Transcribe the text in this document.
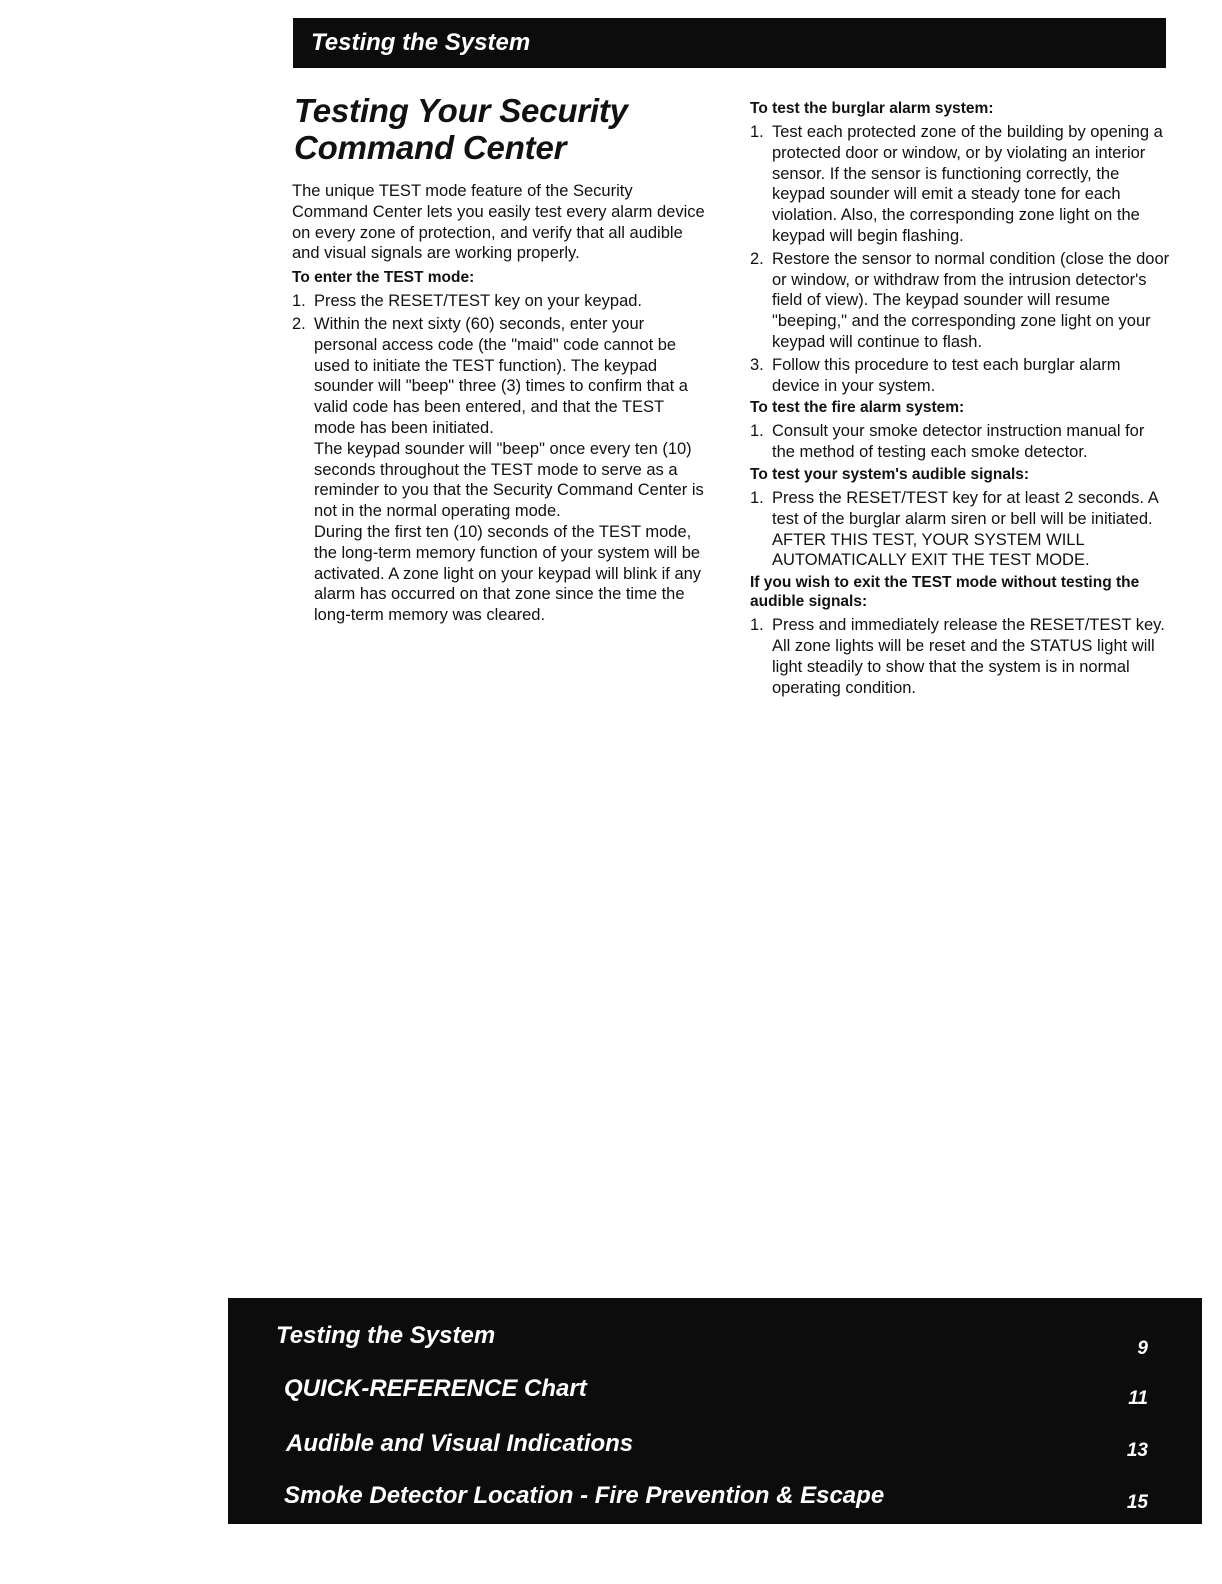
Testing the System
Testing Your Security
Command Center

The unique TEST mode feature of the Security Command Center lets you easily test every alarm device on every zone of protection, and verify that all audible and visual signals are working properly.

To enter the TEST mode:
1. Press the RESET/TEST key on your keypad.
2. Within the next sixty (60) seconds, enter your personal access code (the "maid" code cannot be used to initiate the TEST function). The keypad sounder will "beep" three (3) times to confirm that a valid code has been entered, and that the TEST mode has been initiated.
The keypad sounder will "beep" once every ten (10) seconds throughout the TEST mode to serve as a reminder to you that the Security Command Center is not in the normal operating mode.
During the first ten (10) seconds of the TEST mode, the long-term memory function of your system will be activated. A zone light on your keypad will blink if any alarm has occurred on that zone since the time the long-term memory was cleared.
To test the burglar alarm system:
1. Test each protected zone of the building by opening a protected door or window, or by violating an interior sensor. If the sensor is functioning correctly, the keypad sounder will emit a steady tone for each violation. Also, the corresponding zone light on the keypad will begin flashing.
2. Restore the sensor to normal condition (close the door or window, or withdraw from the intrusion detector's field of view). The keypad sounder will resume "beeping," and the corresponding zone light on your keypad will continue to flash.
3. Follow this procedure to test each burglar alarm device in your system.
To test the fire alarm system:
1. Consult your smoke detector instruction manual for the method of testing each smoke detector.
To test your system's audible signals:
1. Press the RESET/TEST key for at least 2 seconds. A test of the burglar alarm siren or bell will be initiated.
AFTER THIS TEST, YOUR SYSTEM WILL AUTOMATICALLY EXIT THE TEST MODE.
If you wish to exit the TEST mode without testing the audible signals:
1. Press and immediately release the RESET/TEST key. All zone lights will be reset and the STATUS light will light steadily to show that the system is in normal operating condition.
Testing the System	9
QUICK-REFERENCE Chart	11
Audible and Visual Indications	13
Smoke Detector Location - Fire Prevention & Escape	15
